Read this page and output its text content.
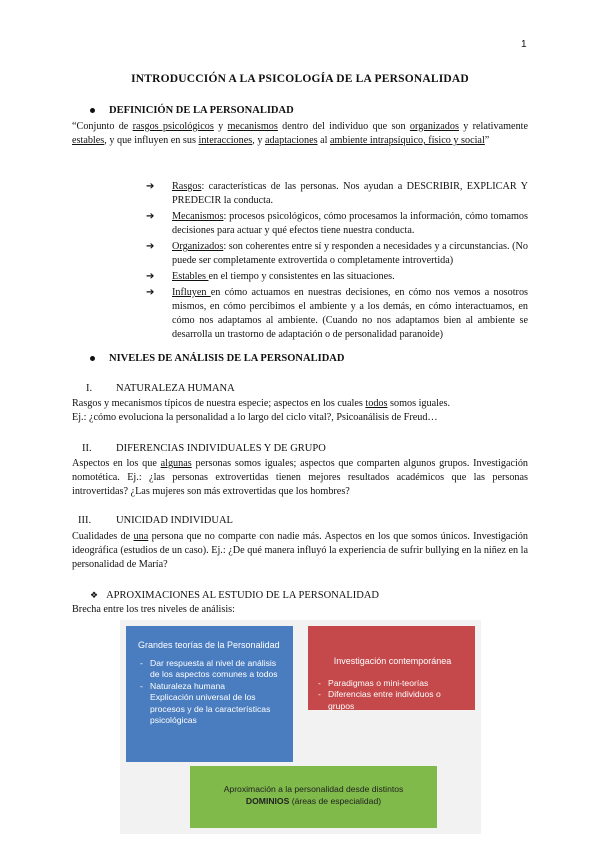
1
INTRODUCCIÓN A LA PSICOLOGÍA DE LA PERSONALIDAD
DEFINICIÓN DE LA PERSONALIDAD
“Conjunto de rasgos psicológicos y mecanismos dentro del individuo que son organizados y relativamente estables, y que influyen en sus interacciones, y adaptaciones al ambiente intrapsíquico, físico y social”
➔ Rasgos: características de las personas. Nos ayudan a DESCRIBIR, EXPLICAR Y PREDECIR la conducta.
➔ Mecanismos: procesos psicológicos, cómo procesamos la información, cómo tomamos decisiones para actuar y qué efectos tiene nuestra conducta.
➔ Organizados: son coherentes entre sí y responden a necesidades y a circunstancias. (No puede ser completamente extrovertida o completamente introvertida)
➔ Estables en el tiempo y consistentes en las situaciones.
➔ Influyen en cómo actuamos en nuestras decisiones, en cómo nos vemos a nosotros mismos, en cómo percibimos el ambiente y a los demás, en cómo interactuamos, en cómo nos adaptamos al ambiente. (Cuando no nos adaptamos bien al ambiente se desarrolla un trastorno de adaptación o de personalidad paranoide)
NIVELES DE ANÁLISIS DE LA PERSONALIDAD
I. NATURALEZA HUMANA
Rasgos y mecanismos típicos de nuestra especie; aspectos en los cuales todos somos iguales.
Ej.: ¿cómo evoluciona la personalidad a lo largo del ciclo vital?, Psicoanálisis de Freud…
II. DIFERENCIAS INDIVIDUALES Y DE GRUPO
Aspectos en los que algunas personas somos iguales; aspectos que comparten algunos grupos. Investigación nomotética. Ej.: ¿las personas extrovertidas tienen mejores resultados académicos que las personas introvertidas? ¿Las mujeres son más extrovertidas que los hombres?
III. UNICIDAD INDIVIDUAL
Cualidades de una persona que no comparte con nadie más. Aspectos en los que somos únicos. Investigación ideográfica (estudios de un caso). Ej.: ¿De qué manera influyó la experiencia de sufrir bullying en la niñez en la personalidad de María?
❖ APROXIMACIONES AL ESTUDIO DE LA PERSONALIDAD
Brecha entre los tres niveles de análisis:
Grandes teorías de la Personalidad
- Dar respuesta al nivel de análisis de los aspectos comunes a todos
- Naturaleza humana
Explicación universal de los procesos y de la características psicológicas
Investigación contemporánea
- Paradigmas o mini-teorías
- Diferencias entre individuos o grupos
Aproximación a la personalidad desde distintos
DOMINIOS (áreas de especialidad)
